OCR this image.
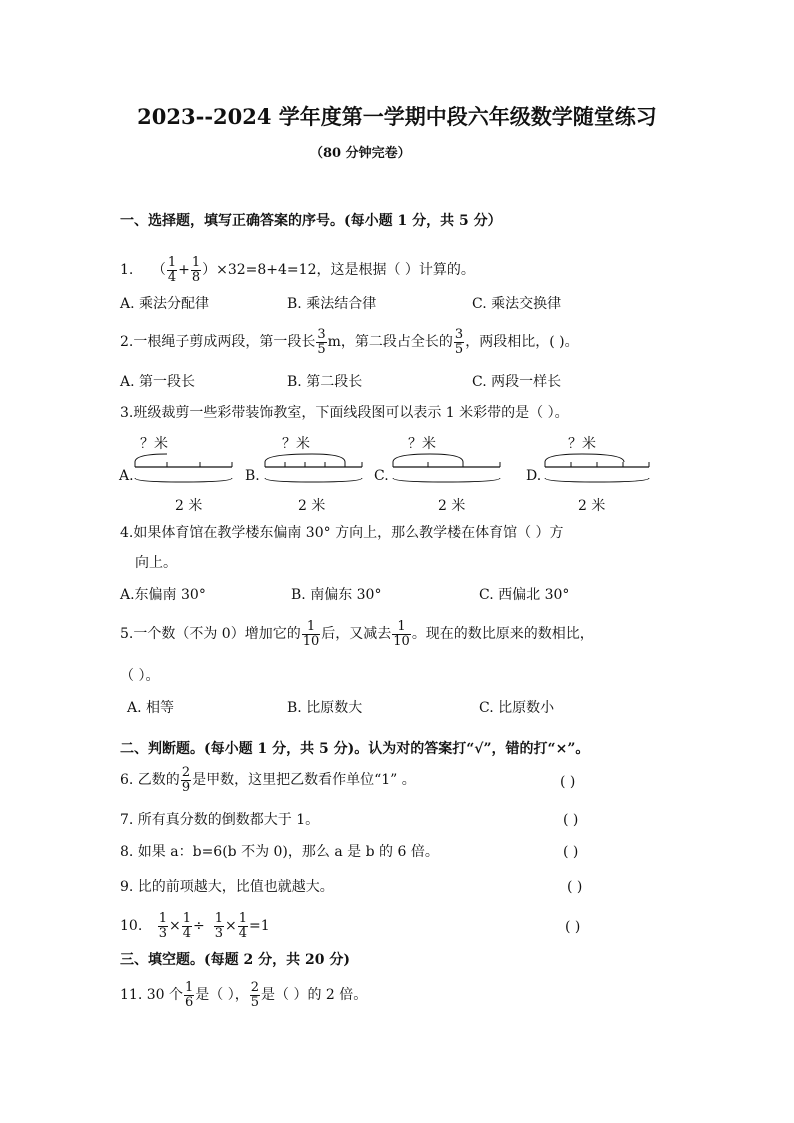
2023--2024 学年度第一学期中段六年级数学随堂练习
（80 分钟完卷）
一、选择题，填写正确答案的序号。(每小题 1 分，共 5 分）
1. （ $\frac{1}{4} + \frac{1}{8} )\times 32=8+4=12$，这是根据（ ）计算的。
A. 乘法分配律	B. 乘法结合律	C. 乘法交换律
2.一根绳子剪成两段，第一段长 $\frac{3}{5}$ m，第二段占全长的 $\frac{3}{5}$ ，两段相比，( )。
A. 第一段长	B. 第二段长	C. 两段一样长
3.班级裁剪一些彩带装饰教室，下面线段图可以表示 1 米彩带的是（ ）。
A.
？米
2 米
B.
？米
2 米
C.
？米
2 米
D.
？米
2 米
4.如果体育馆在教学楼东偏南 30° 方向上，那么教学楼在体育馆（ ）方
向上。
A.东偏南 30°	B. 南偏东 30°	C. 西偏北 30°
5.一个数（不为 0）增加它的 $\frac{1}{10}$ 后，又减去 $\frac{1}{10}$ 。现在的数比原来的数相比，
（ ）。
A. 相等	B. 比原数大	C. 比原数小
二、判断题。(每小题 1 分，共 5 分)。认为对的答案打“√”，错的打“×”。
6. 乙数的 $\frac{2}{9}$ 是甲数，这里把乙数看作单位“1” 。	( )
7. 所有真分数的倒数都大于 1。	( )
8. 如果 a：b=6(b 不为 0)，那么 a 是 b 的 6 倍。	( )
9. 比的前项越大，比值也就越大。	( )
10. $\frac{1}{3} \times \frac{1}{4} \div \frac{1}{3} \times \frac{1}{4} =1$	( )
三、填空题。(每题 2 分，共 20 分)
11. 30 个 $\frac{1}{6}$ 是（ ）， $\frac{2}{5}$ 是（ ）的 2 倍。
